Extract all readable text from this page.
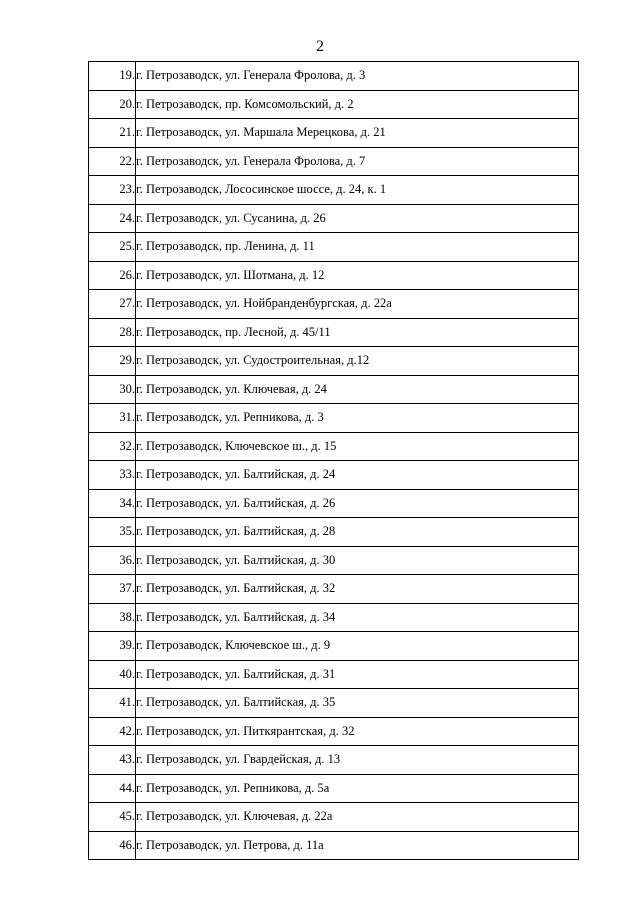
2
19.	г. Петрозаводск, ул. Генерала Фролова, д. 3
20.	г. Петрозаводск, пр. Комсомольский, д. 2
21.	г. Петрозаводск, ул. Маршала Мерецкова, д. 21
22.	г. Петрозаводск, ул. Генерала Фролова, д. 7
23.	г. Петрозаводск, Лососинское шоссе, д. 24, к. 1
24.	г. Петрозаводск, ул. Сусанина, д. 26
25.	г. Петрозаводск, пр. Ленина, д. 11
26.	г. Петрозаводск, ул. Шотмана, д. 12
27.	г. Петрозаводск, ул. Нойбранденбургская, д. 22а
28.	г. Петрозаводск, пр. Лесной, д. 45/11
29.	г. Петрозаводск, ул. Судостроительная, д.12
30.	г. Петрозаводск, ул. Ключевая, д. 24
31.	г. Петрозаводск, ул. Репникова, д. 3
32.	г. Петрозаводск, Ключевское ш., д. 15
33.	г. Петрозаводск, ул. Балтийская, д. 24
34.	г. Петрозаводск, ул. Балтийская, д. 26
35.	г. Петрозаводск, ул. Балтийская, д. 28
36.	г. Петрозаводск, ул. Балтийская, д. 30
37.	г. Петрозаводск, ул. Балтийская, д. 32
38.	г. Петрозаводск, ул. Балтийская, д. 34
39.	г. Петрозаводск, Ключевское ш., д. 9
40.	г. Петрозаводск, ул. Балтийская, д. 31
41.	г. Петрозаводск, ул. Балтийская, д. 35
42.	г. Петрозаводск, ул. Питкярантская, д. 32
43.	г. Петрозаводск, ул. Гвардейская, д. 13
44.	г. Петрозаводск, ул. Репникова, д. 5а
45.	г. Петрозаводск, ул. Ключевая, д. 22а
46.	г. Петрозаводск, ул. Петрова, д. 11а
